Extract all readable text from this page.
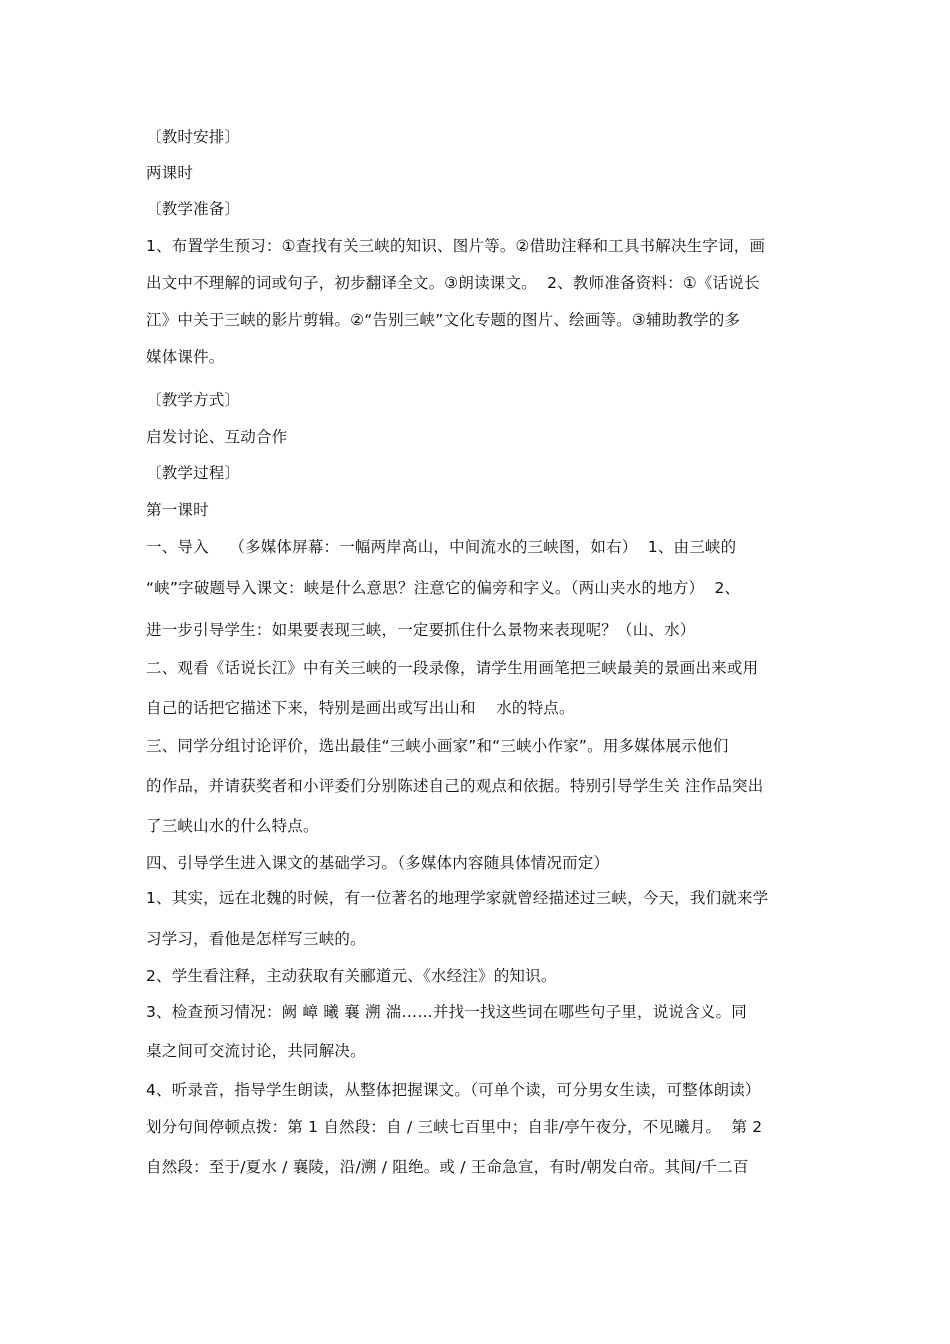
〔教时安排〕
两课时
〔教学准备〕
1、布置学生预习：①查找有关三峡的知识、图片等。②借助注释和工具书解决生字词，画
出文中不理解的词或句子，初步翻译全文。③朗读课文。  2、教师准备资料：①《话说长
江》中关于三峡的影片剪辑。②“告别三峡”文化专题的图片、绘画等。③辅助教学的多
媒体课件。
〔教学方式〕
启发讨论、互动合作
〔教学过程〕
第一课时
一、导入    （多媒体屏幕：一幅两岸高山，中间流水的三峡图，如右）  1、由三峡的
“峡”字破题导入课文：峡是什么意思？注意它的偏旁和字义。（两山夹水的地方）  2、
进一步引导学生：如果要表现三峡，一定要抓住什么景物来表现呢？（山、水）
二、观看《话说长江》中有关三峡的一段录像，请学生用画笔把三峡最美的景画出来或用
自己的话把它描述下来，特别是画出或写出山和    水的特点。
三、同学分组讨论评价，选出最佳“三峡小画家”和“三峡小作家”。用多媒体展示他们
的作品，并请获奖者和小评委们分别陈述自己的观点和依据。特别引导学生关 注作品突出
了三峡山水的什么特点。
四、引导学生进入课文的基础学习。（多媒体内容随具体情况而定）
1、其实，远在北魏的时候，有一位著名的地理学家就曾经描述过三峡，今天，我们就来学
习学习，看他是怎样写三峡的。
2、学生看注释，主动获取有关郦道元、《水经注》的知识。
3、检查预习情况：阙 嶂 曦 襄 溯 湍……并找一找这些词在哪些句子里，说说含义。同
桌之间可交流讨论，共同解决。
4、听录音，指导学生朗读，从整体把握课文。（可单个读，可分男女生读，可整体朗读）
划分句间停顿点拨：第 1 自然段：自 / 三峡七百里中；自非/亭午夜分，不见曦月。  第 2
自然段：至于/夏水 / 襄陵，沿/溯 / 阻绝。或 / 王命急宣，有时/朝发白帝。其间/千二百
